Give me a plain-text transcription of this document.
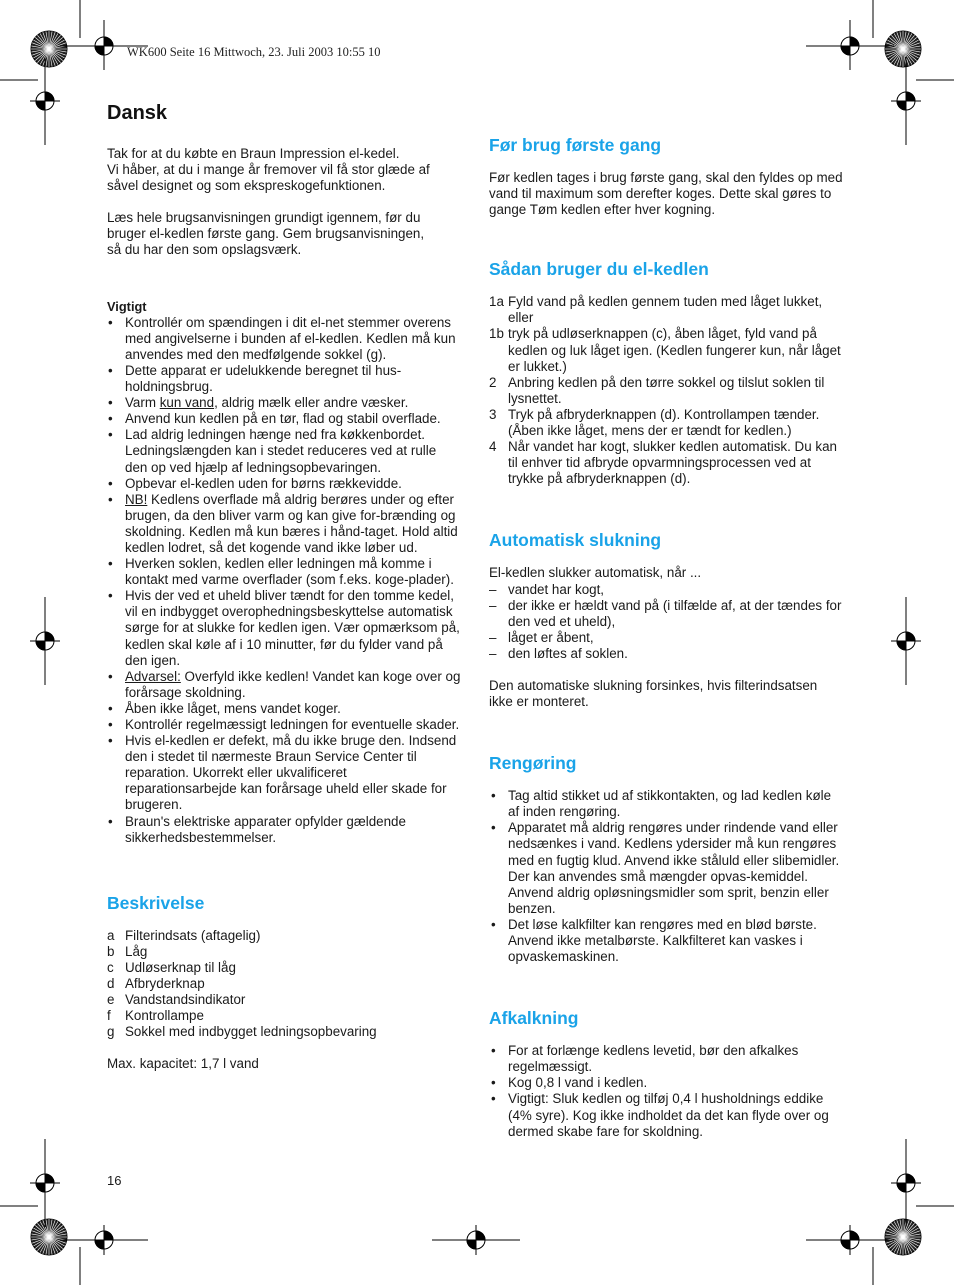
WK600 Seite 16 Mittwoch, 23. Juli 2003 10:55 10
Dansk

Tak for at du købte en Braun Impression el-kedel.

Vi håber, at du i mange år fremover vil få stor glæde af

såvel designet og som ekspreskogefunktionen.

Læs hele brugsanvisningen grundigt igennem, før du

bruger el-kedlen første gang. Gem brugsanvisningen,

så du har den som opslagsværk.

Vigtigt

• Kontrollér om spændingen i dit el-net stemmer overens med angivelserne i bunden af el-kedlen. Kedlen må kun anvendes med den medfølgende sokkel (g).
• Dette apparat er udelukkende beregnet til hus-holdningsbrug.
• Varm kun vand, aldrig mælk eller andre væsker.
• Anvend kun kedlen på en tør, flad og stabil overflade.
• Lad aldrig ledningen hænge ned fra køkkenbordet. Ledningslængden kan i stedet reduceres ved at rulle den op ved hjælp af ledningsopbevaringen.
• Opbevar el-kedlen uden for børns rækkevidde.
• NB! Kedlens overflade må aldrig berøres under og efter brugen, da den bliver varm og kan give for-brænding og skoldning. Kedlen må kun bæres i hånd-taget. Hold altid kedlen lodret, så det kogende vand ikke løber ud.
• Hverken soklen, kedlen eller ledningen må komme i kontakt med varme overflader (som f.eks. koge-plader).
• Hvis der ved et uheld bliver tændt for den tomme kedel, vil en indbygget overophedningsbeskyttelse automatisk sørge for at slukke for kedlen igen. Vær opmærksom på, kedlen skal køle af i 10 minutter, før du fylder vand på den igen.
• Advarsel: Overfyld ikke kedlen! Vandet kan koge over og forårsage skoldning.
• Åben ikke låget, mens vandet koger.
• Kontrollér regelmæssigt ledningen for eventuelle skader.
• Hvis el-kedlen er defekt, må du ikke bruge den. Indsend den i stedet til nærmeste Braun Service Center til reparation. Ukorrekt eller ukvalificeret reparationsarbejde kan forårsage uheld eller skade for brugeren.
• Braun's elektriske apparater opfylder gældende sikkerhedsbestemmelser.
Beskrivelse
a	Filterindsats (aftagelig)
b	Låg
c	Udløserknap til låg
d	Afbryderknap
e	Vandstandsindikator
f	Kontrollampe
g	Sokkel med indbygget ledningsopbevaring

Max. kapacitet: 1,7 l vand

Før brug første gang

Før kedlen tages i brug første gang, skal den fyldes op med vand til maximum som derefter koges. Dette skal gøres to gange Tøm kedlen efter hver kogning.

Sådan bruger du el-kedlen
1a	Fyld vand på kedlen gennem tuden med låget lukket, eller
1b	tryk på udløserknappen (c), åben låget, fyld vand på kedlen og luk låget igen. (Kedlen fungerer kun, når låget er lukket.)
2	Anbring kedlen på den tørre sokkel og tilslut soklen til lysnettet.
3	Tryk på afbryderknappen (d). Kontrollampen tænder. (Åben ikke låget, mens der er tændt for kedlen.)
4	Når vandet har kogt, slukker kedlen automatisk. Du kan til enhver tid afbryde opvarmningsprocessen ved at trykke på afbryderknappen (d).
Automatisk slukning

El-kedlen slukker automatisk, når ...

–	vandet har kogt,
–	der ikke er hældt vand på (i tilfælde af, at der tændes for den ved et uheld),
–	låget er åbent,
–	den løftes af soklen.

Den automatiske slukning forsinkes, hvis filterindsatsen ikke er monteret.

Rengøring
• Tag altid stikket ud af stikkontakten, og lad kedlen køle af inden rengøring.
• Apparatet må aldrig rengøres under rindende vand eller nedsænkes i vand. Kedlens ydersider må kun rengøres med en fugtig klud. Anvend ikke ståluld eller slibemidler. Der kan anvendes små mængder opvas-kemiddel. Anvend aldrig opløsningsmidler som sprit, benzin eller benzen.
• Det løse kalkfilter kan rengøres med en blød børste. Anvend ikke metalbørste. Kalkfilteret kan vaskes i opvaskemaskinen.
Afkalkning
• For at forlænge kedlens levetid, bør den afkalkes regelmæssigt.
• Kog 0,8 l vand i kedlen.
• Vigtigt: Sluk kedlen og tilføj 0,4 l husholdnings eddike (4% syre). Kog ikke indholdet da det kan flyde over og dermed skabe fare for skoldning.
16
